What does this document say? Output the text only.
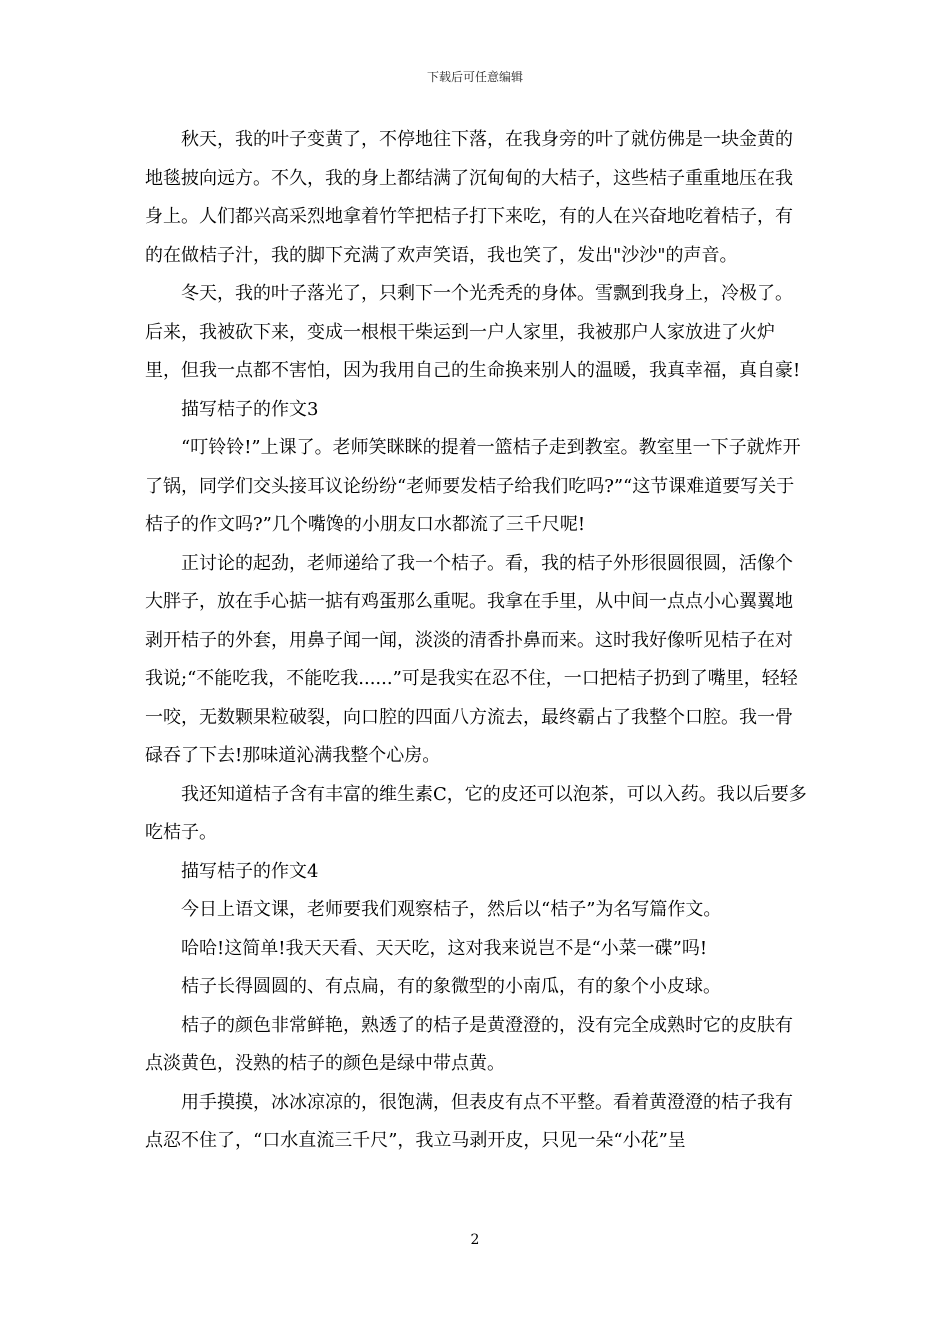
下载后可任意编辑

秋天，我的叶子变黄了，不停地往下落，在我身旁的叶了就仿佛是一块金黄的地毯披向远方。不久，我的身上都结满了沉甸甸的大桔子，这些桔子重重地压在我身上。人们都兴高采烈地拿着竹竿把桔子打下来吃，有的人在兴奋地吃着桔子，有的在做桔子汁，我的脚下充满了欢声笑语，我也笑了，发出"沙沙"的声音。

冬天，我的叶子落光了，只剩下一个光秃秃的身体。雪飘到我身上，冷极了。后来，我被砍下来，变成一根根干柴运到一户人家里，我被那户人家放进了火炉里，但我一点都不害怕，因为我用自己的生命换来别人的温暖，我真幸福，真自豪!

描写桔子的作文3

“叮铃铃!”上课了。老师笑眯眯的提着一篮桔子走到教室。教室里一下子就炸开了锅，同学们交头接耳议论纷纷“老师要发桔子给我们吃吗?”“这节课难道要写关于桔子的作文吗?”几个嘴馋的小朋友口水都流了三千尺呢!

正讨论的起劲，老师递给了我一个桔子。看，我的桔子外形很圆很圆，活像个大胖子，放在手心掂一掂有鸡蛋那么重呢。我拿在手里，从中间一点点小心翼翼地剥开桔子的外套，用鼻子闻一闻，淡淡的清香扑鼻而来。这时我好像听见桔子在对我说;“不能吃我，不能吃我......”可是我实在忍不住，一口把桔子扔到了嘴里，轻轻一咬，无数颗果粒破裂，向口腔的四面八方流去，最终霸占了我整个口腔。我一骨碌吞了下去!那味道沁满我整个心房。

我还知道桔子含有丰富的维生素C，它的皮还可以泡茶，可以入药。我以后要多吃桔子。

描写桔子的作文4

今日上语文课，老师要我们观察桔子，然后以“桔子”为名写篇作文。

哈哈!这简单!我天天看、天天吃，这对我来说岂不是“小菜一碟”吗!

桔子长得圆圆的、有点扁，有的象微型的小南瓜，有的象个小皮球。

桔子的颜色非常鲜艳，熟透了的桔子是黄澄澄的，没有完全成熟时它的皮肤有点淡黄色，没熟的桔子的颜色是绿中带点黄。

用手摸摸，冰冰凉凉的，很饱满，但表皮有点不平整。看着黄澄澄的桔子我有点忍不住了，“口水直流三千尺”，我立马剥开皮，只见一朵“小花”呈

2
